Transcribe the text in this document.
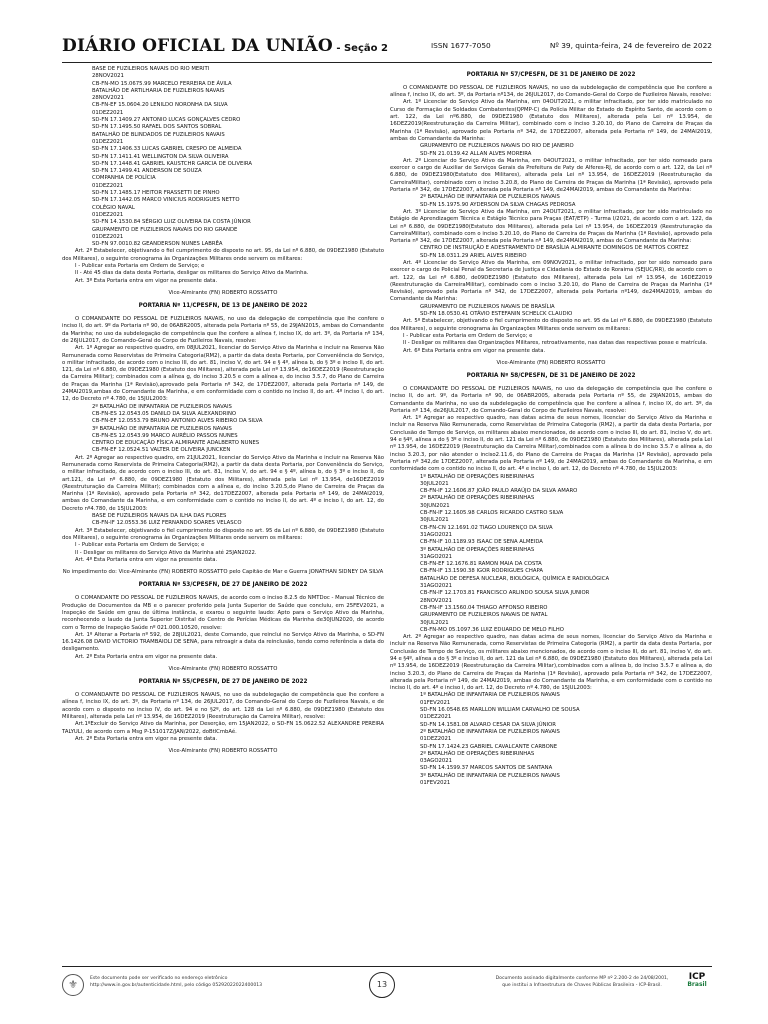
DIÁRIO OFICIAL DA UNIÃO - Seção 2	ISSN 1677-7050	Nº 39, quinta-feira, 24 de fevereiro de 2022

BASE DE FUZILEIROS NAVAIS DO RIO MERITI

28NOV2021

CB-FN-MO 15.0675.99 MARCELO FERREIRA DE ÁVILA

BATALHÃO DE ARTILHARIA DE FUZILEIROS NAVAIS

28NOV2021

CB-FN-EF 15.0604.20 LENILDO NORONHA DA SILVA

01DEZ2021

SD-FN 17.1409.27 ANTONIO LUCAS GONÇALVES CEDRO

SD-FN 17.1495.50 RAFAEL DOS SANTOS SOBRAL

BATALHÃO DE BLINDADOS DE FUZILEIROS NAVAIS

01DEZ2021

SD-FN 17.1406.33 LUCAS GABRIEL CRESPO DE ALMEIDA

SD-FN 17.1411.41 WELLINGTON DA SILVA OLIVEIRA

SD-FN 17.1448.41 GABRIEL KAUSTCHR GARCIA DE OLIVEIRA

SD-FN 17.1499.41 ANDERSON DE SOUZA

COMPANHIA DE POLÍCIA

01DEZ2021

SD-FN 17.1485.17 HEITOR FRASSETTI DE PINHO

SD-FN 17.1442.05 MARCO VINICIUS RODRIGUES NETTO

COLÉGIO NAVAL

01DEZ2021

SD-FN 14.1530.84 SÉRGIO LUIZ OLIVEIRA DA COSTA JÚNIOR

GRUPAMENTO DE FUZILEIROS NAVAIS DO RIO GRANDE

01DEZ2021

SD-FN 97.0010.82 GEANDERSON NUNES LABRÊA

Art. 2º Estabelecer, objetivando o fiel cumprimento do disposto no art. 95, da Lei nº 6.880, de 09DEZ1980 (Estatuto dos Militares), o seguinte cronograma às Organizações Militares onde servem os militares:

I - Publicar esta Portaria em Ordem de Serviço; e

II - Até 45 dias da data desta Portaria, desligar os militares do Serviço Ativo da Marinha.

Art. 3º Esta Portaria entra em vigor na presente data.

Vice-Almirante (FN) ROBERTO ROSSATTO

PORTARIA Nº 11/CPESFN, DE 13 DE JANEIRO DE 2022

O COMANDANTE DO PESSOAL DE FUZILEIROS NAVAIS, no uso da delegação de competência que lhe confere o inciso II, do art. 9º da Portaria nº 90, de 06ABR2005, alterada pela Portaria nº 55, de 29JAN2015, ambas do Comandante da Marinha; no uso da subdelegação de competência que lhe confere a alínea f, inciso IX, do art. 3º, da Portaria nº 134, de 26JUL2017, do Comando-Geral do Corpo de Fuzileiros Navais, resolve:

Art. 1º Agregar ao respectivo quadro, em 08JUL2021, licenciar do Serviço Ativo da Marinha e incluir na Reserva Não Remunerada como Reservistas de Primeira Categoria(RM2), a partir da data desta Portaria, por Conveniência do Serviço, o militar infracitado, de acordo com o inciso III, do art. 81, inciso V, do art. 94 e § 4º, alínea b, do § 3º e inciso II, do art. 121, da Lei nº 6.880, de 09DEZ1980 (Estatuto dos Militares), alterada pela Lei nº 13.954, de16DEZ2019 (Reestruturação da Carreira Militar); combinados com a alínea g, do inciso 3.20.5 e com a alínea e, do inciso 3.5.7, do Plano de Carreira de Praças da Marinha (1ª Revisão),aprovado pela Portaria nº 342, de 17DEZ2007, alterada pela Portaria nº 149, de 24MAI2019,ambas do Comandante da Marinha, e em conformidade com o contido no inciso II, do art. 4º inciso I, do art. 12, do Decreto nº 4.780, de 15JUL2003:

2º BATALHÃO DE INFANTARIA DE FUZILEIROS NAVAIS

CB-FN-ES 12.0543.05 DANILO DA SILVA ALEXANDRINO

CB-FN-EF 12.0553.79 BRUNO ANTONIO ALVES RIBEIRO DA SILVA

3º BATALHÃO DE INFANTARIA DE FUZILEIROS NAVAIS

CB-FN-ES 12.0543.99 MARCO AURÉLIO PASSOS NUNES

CENTRO DE EDUCAÇÃO FÍSICA ALMIRANTE ADALBERTO NUNES

CB-FN-EF 12.0524.51 VALTER DE OLIVEIRA JUNCKEN

Art. 2º Agregar ao respectivo quadro, em 21JUL2021, licenciar do Serviço Ativo da Marinha e incluir na Reserva Não Remunerada como Reservista de Primeira Categoria(RM2), a partir da data desta Portaria, por Conveniência do Serviço, o militar infracitado, de acordo com o inciso III, do art. 81, inciso V, do art. 94 e § 4º, alínea b, do § 3º e inciso II, do art.121, da Lei nº 6.880, de 09DEZ1980 (Estatuto dos Militares), alterada pela Lei nº 13.954, de16DEZ2019 (Reestruturação da Carreira Militar); combinados com a alínea e, do inciso 3.20.5,do Plano de Carreira de Praças da Marinha (1ª Revisão), aprovado pela Portaria nº 342, de17DEZ2007, alterada pela Portaria nº 149, de 24MAI2019, ambas do Comandante da Marinha, e em conformidade com o contido no inciso II, do art. 4º e inciso I, do art. 12, do Decreto nº4.780, de 15JUL2003:

BASE DE FUZILEIROS NAVAIS DA ILHA DAS FLORES

CB-FN-IF 12.0553.36 LUIZ FERNANDO SOARES VELASCO

Art. 3º Estabelecer, objetivando o fiel cumprimento do disposto no art. 95 da Lei nº 6.880, de 09DEZ1980 (Estatuto dos Militares), o seguinte cronograma às Organizações Militares onde servem os militares:

I - Publicar esta Portaria em Ordem de Serviço; e

II - Desligar os militares do Serviço Ativo da Marinha até 25JAN2022.

Art. 4º Esta Portaria entra em vigor na presente data.

No impedimento do: Vice-Almirante (FN) ROBERTO ROSSATTO pelo Capitão de Mar e Guerra JONATHAN SIDNEY DA SILVA

PORTARIA Nº 53/CPESFN, DE 27 DE JANEIRO DE 2022

O COMANDANTE DO PESSOAL DE FUZILEIROS NAVAIS, de acordo com o inciso 8.2.5 do NMTDoc - Manual Técnico de Produção de Documentos da MB e o parecer proferido pela Junta Superior de Saúde que concluiu, em 25FEV2021, a Inspeção de Saúde em grau de última instância, e exarou o seguinte laudo: Apto para o Serviço Ativo da Marinha, reconhecendo o laudo da Junta Superior Distrital do Centro de Perícias Médicas da Marinha de30JUN2020, de acordo com o Termo de Inspeção Saúde nº 021.000.10520, resolve:

Art. 1º Alterar a Portaria nº 592, de 28JUL2021, deste Comando, que reinclui no Serviço Ativo da Marinha, o SD-FN 16.1426.08 DAVID VICTORIO TRAMBAIOLI DE SENA, para retroagir a data da reinclusão, tendo como referência a data do desligamento.

Art. 2º Esta Portaria entra em vigor na presente data.

Vice-Almirante (FN) ROBERTO ROSSATTO

PORTARIA Nº 55/CPESFN, DE 27 DE JANEIRO DE 2022

O COMANDANTE DO PESSOAL DE FUZILEIROS NAVAIS, no uso da subdelegação de competência que lhe confere a alínea f, inciso IX, do art. 3º, da Portaria nº 134, de 26JUL2017, do Comando-Geral do Corpo de Fuzileiros Navais, e de acordo com o disposto no inciso IV, do art. 94 e no §2º, do art. 128 da Lei nº 6.880, de 09DEZ1980 (Estatuto dos Militares), alterada pela Lei nº 13.954, de 16DEZ2019 (Reestruturação da Carreira Militar), resolve:

Art.1ºExcluir do Serviço Ativo da Marinha, por Deserção, em 15JAN2022, o SD-FN 15.0622.52 ALEXANDRE PEREIRA TALYULI, de acordo com a Msg P-151017Z/JAN/2022, doBtlCmbAé.

Art. 2º Esta Portaria entra em vigor na presente data.

Vice-Almirante (FN) ROBERTO ROSSATTO

PORTARIA Nº 57/CPESFN, DE 31 DE JANEIRO DE 2022

O COMANDANTE DO PESSOAL DE FUZILEIROS NAVAIS, no uso da subdelegação de competência que lhe confere a alínea f, inciso IX, do art. 3º, da Portaria nº134, de 26JUL2017, do Comando-Geral do Corpo de Fuzileiros Navais, resolve:

Art. 1º Licenciar do Serviço Ativo da Marinha, em 04OUT2021, o militar infracitado, por ter sido matriculado no Curso de Formação de Soldados Combatentes(QPMP-C) da Polícia Militar do Estado do Espírito Santo, de acordo com o art. 122, da Lei nº6.880, de 09DEZ1980 (Estatuto dos Militares), alterada pela Lei nº 13.954, de 16DEZ2019(Reestruturação da Carreira Militar), combinado com o inciso 3.20.10, do Plano de Carreira de Praças da Marinha (1ª Revisão), aprovado pela Portaria nº 342, de 17DEZ2007, alterada pela Portaria nº 149, de 24MAI2019, ambas do Comandante da Marinha:

GRUPAMENTO DE FUZILEIROS NAVAIS DO RIO DE JANEIRO

SD-FN 21.0139.42 ALLAN ALVES MOREIRA

Art. 2º Licenciar do Serviço Ativo da Marinha, em 04OUT2021, o militar infracitado, por ter sido nomeado para exercer o cargo de Auxiliar de Serviços Gerais da Prefeitura de Paty de Alferes-RJ, de acordo com o art. 122, da Lei nº 6.880, de 09DEZ1980(Estatuto dos Militares), alterada pela Lei nº 13.954, de 16DEZ2019 (Reestruturação da CarreiraMilitar), combinado com o inciso 3.20.8, do Plano de Carreira de Praças da Marinha (1ª Revisão), aprovado pela Portaria nº 342, de 17DEZ2007, alterada pela Portaria nº 149, de24MAI2019, ambas do Comandante da Marinha:

2º BATALHÃO DE INFANTARIA DE FUZILEIROS NAVAIS

SD-FN 15.1975.90 AYDERSON DA SILVA CHAGAS PEDROSA

Art. 3º Licenciar do Serviço Ativo da Marinha, em 24OUT2021, o militar infracitado, por ter sido matriculado no Estágio de Aprendizagem Técnica e Estágio Técnico para Praças (EAT/ETP) - Turma I/2021, de acordo com o art. 122, da Lei nº 6.880, de 09DEZ1980(Estatuto dos Militares), alterada pela Lei nº 13.954, de 16DEZ2019 (Reestruturação da CarreiraMilitar), combinado com o inciso 3.20.10, do Plano de Carreira de Praças da Marinha (1ª Revisão), aprovado pela Portaria nº 342, de 17DEZ2007, alterada pela Portaria nº 149, de24MAI2019, ambas do Comandante da Marinha:

CENTRO DE INSTRUÇÃO E ADESTRAMENTO DE BRASÍLIA ALMIRANTE DOMINGOS DE MATTOS CORTEZ

SD-FN 18.0311.29 ARIEL ALVES RIBEIRO

Art. 4º Licenciar do Serviço Ativo da Marinha, em 09NOV2021, o militar infracitado, por ter sido nomeado para exercer o cargo de Policial Penal da Secretaria de Justiça e Cidadania do Estado de Roraima (SEJUC/RR), de acordo com o art. 122, da Lei nº 6.880, de09DEZ1980 (Estatuto dos Militares), alterada pela Lei nº 13.954, de 16DEZ2019 (Reestruturação da CarreiraMilitar), combinado com o inciso 3.20.10, do Plano de Carreira de Praças da Marinha (1ª Revisão), aprovado pela Portaria nº 342, de 17DEZ2007, alterada pela Portaria nº149, de24MAI2019, ambas do Comandante da Marinha:

GRUPAMENTO DE FUZILEIROS NAVAIS DE BRASÍLIA

SD-FN 18.0530.41 OTÁVIO ESTEFANIN SCHELCK CLAUDIO

Art. 5º Estabelecer, objetivando o fiel cumprimento do disposto no art. 95 da Lei nº 6.880, de 09DEZ1980 (Estatuto dos Militares), o seguinte cronograma às Organizações Militares onde servem os militares:

I - Publicar esta Portaria em Ordem de Serviço; e

II - Desligar os militares das Organizações Militares, retroativamente, nas datas das respectivas posse e matrícula.

Art. 6º Esta Portaria entra em vigor na presente data.

Vice-Almirante (FN) ROBERTO ROSSATTO

PORTARIA Nº 58/CPESFN, DE 31 DE JANEIRO DE 2022

O COMANDANTE DO PESSOAL DE FUZILEIROS NAVAIS, no uso da delegação de competência que lhe confere o inciso II, do art. 9º, da Portaria nº 90, de 06ABR2005, alterada pela Portaria nº 55, de 29JAN2015, ambas do Comandante da Marinha, no uso da subdelegação de competência que lhe confere a alínea f, inciso IX, do art. 3º, da Portaria nº 134, de26JUL2017, do Comando-Geral do Corpo de Fuzileiros Navais, resolve:

Art. 1º Agregar ao respectivo quadro, nas datas acima de seus nomes, licenciar do Serviço Ativo da Marinha e incluir na Reserva Não Remunerada, como Reservistas de Primeira Categoria (RM2), a partir da data desta Portaria, por Conclusão de Tempo de Serviço, os militares abaixo mencionados, de acordo com o inciso III, do art. 81, inciso V, do art. 94 e §4º, alínea a do § 3º e inciso II, do art. 121 da Lei nº 6.880, de 09DEZ1980 (Estatuto dos Militares), alterada pela Lei nº 13.954, de 16DEZ2019 (Reestruturação da Carreira Militar),combinados com a alínea b do inciso 3.5.7 e alínea a, do inciso 3.20.3, por não atender o inciso2.11.6, do Plano de Carreira de Praças da Marinha (1ª Revisão), aprovado pela Portaria nº 342,de 17DEZ2007, alterada pela Portaria nº 149, de 24MAI2019, ambas do Comandante da Marinha, e em conformidade com o contido no inciso II, do art. 4º e inciso I, do art. 12, do Decreto nº 4.780, de 15JUL2003:

1º BATALHÃO DE OPERAÇÕES RIBEIRINHAS

30JUL2021

CB-FN-IF 12.1606.87 JOÃO PAULO ARAÚJO DA SILVA AMARO

2º BATALHÃO DE OPERAÇÕES RIBEIRINHAS

30JUN2021

CB-FN-IF 12.1605.98 CARLOS RICARDO CASTRO SILVA

30JUL2021

CB-FN-CN 12.1691.02 TIAGO LOURENÇO DA SILVA

31AGO2021

CB-FN-IF 10.1189.93 ISAAC DE SENA ALMEIDA

3º BATALHÃO DE OPERAÇÕES RIBEIRINHAS

31AGO2021

CB-FN-EF 12.1676.81 RAMON MAIA DA COSTA

CB-FN-IF 13.1590.38 IGOR RODRIGUES CHAPA

BATALHÃO DE DEFESA NUCLEAR, BIOLÓGICA, QUÍMICA E RADIOLÓGICA

31AGO2021

CB-FN-IF 12.1703.81 FRANCISCO ARLINDO SOUSA SILVA JUNIOR

28NOV2021

CB-FN-IF 13.1560.04 THIAGO AFFONSO RIBEIRO

GRUPAMENTO DE FUZILEIROS NAVAIS DE NATAL

30JUL2021

CB-FN-MO 05.1097.36 LUIZ EDUARDO DE MELO FILHO

Art. 2º Agregar ao respectivo quadro, nas datas acima de seus nomes, licenciar do Serviço Ativo da Marinha e incluir na Reserva Não Remunerada, como Reservistas de Primeira Categoria (RM2), a partir da data desta Portaria, por Conclusão de Tempo de Serviço, os militares abaixo mencionados, de acordo com o inciso III, do art. 81, inciso V, do art. 94 e §4º, alínea a do § 3º e inciso II, do art. 121 da Lei nº 6.880, de 09DEZ1980 (Estatuto dos Militares), alterada pela Lei nº 13.954, de 16DEZ2019 (Reestruturação da Carreira Militar),combinados com a alínea b, do inciso 3.5.7 e alínea a, do inciso 3.20.3, do Plano de Carreira de Praças da Marinha (1ª Revisão), aprovado pela Portaria nº 342, de 17DEZ2007, alterada pela Portaria nº 149, de 24MAI2019, ambas do Comandante da Marinha, e em conformidade com o contido no inciso II, do art. 4º e inciso I, do art. 12, do Decreto nº 4.780, de 15JUL2003:

1º BATALHÃO DE INFANTARIA DE FUZILEIROS NAVAIS

01FEV2021

SD-FN 16.0548.65 MARLLON WILLIAM CARVALHO DE SOUSA

01DEZ2021

SD-FN 14.1581.08 ALVARO CESAR DA SILVA JÚNIOR

2º BATALHÃO DE INFANTARIA DE FUZILEIROS NAVAIS

01DEZ2021

SD-FN 17.1424.23 GABRIEL CAVALCANTE CARBONE

2º BATALHÃO DE OPERAÇÕES RIBEIRINHAS

03AGO2021

SD-FN 14.1599.37 MARCOS SANTOS DE SANTANA

3º BATALHÃO DE INFANTARIA DE FUZILEIROS NAVAIS

01FEV2021

⚜	Este documento pode ser verificado no endereço eletrônico
http://www.in.gov.br/autenticidade.html, pelo código 05292022022400013	13
Documento assinado digitalmente conforme MP nº 2.200-2 de 24/08/2001,
que institui a Infraestrutura de Chaves Públicas Brasileira - ICP-Brasil.
ICP
Brasil
